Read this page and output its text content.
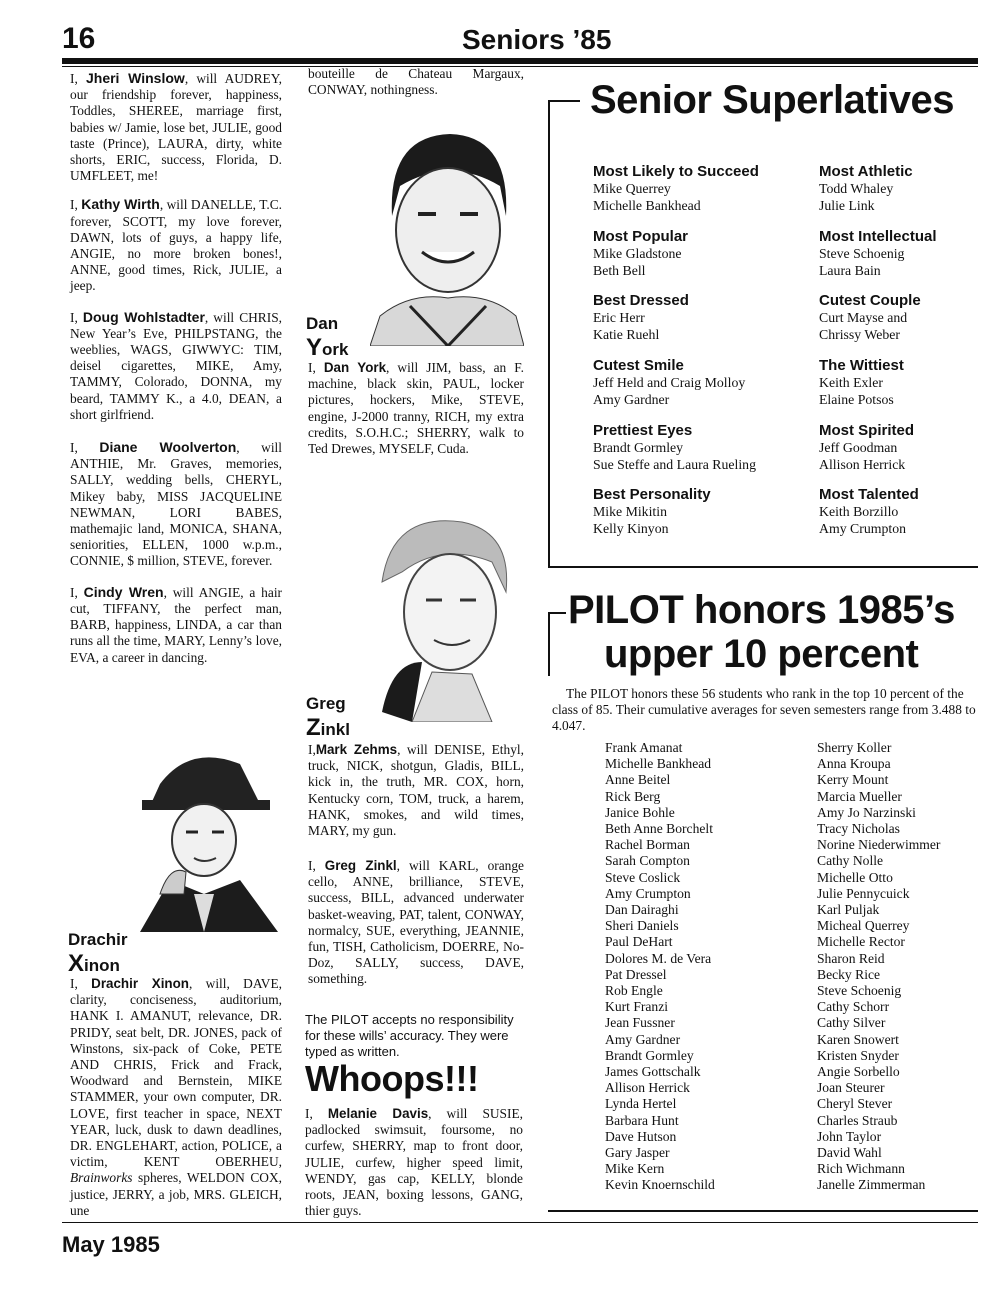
16	Seniors ’85

I, Jheri Winslow, will AUDREY, our friendship forever, happiness, Toddles, SHEREE, marriage first, babies w/ Jamie, lose bet, JULIE, good taste (Prince), LAURA, dirty, white shorts, ERIC, success, Florida, D. UMFLEET, me!

I, Kathy Wirth, will DANELLE, T.C. forever, SCOTT, my love forever, DAWN, lots of guys, a happy life, ANGIE, no more broken bones!, ANNE, good times, Rick, JULIE, a jeep.

I, Doug Wohlstadter, will CHRIS, New Year’s Eve, PHILPSTANG, the weeblies, WAGS, GIWWYC: TIM, deisel cigarettes, MIKE, Amy, TAMMY, Colorado, DONNA, my beard, TAMMY K., a 4.0, DEAN, a short girlfriend.

I, Diane Woolverton, will ANTHIE, Mr. Graves, memories, SALLY, wedding bells, CHERYL, Mikey baby, MISS JACQUELINE NEWMAN, LORI BABES, mathemajic land, MONICA, SHANA, seniorities, ELLEN, 1000 w.p.m., CONNIE, $ million, STEVE, forever.

I, Cindy Wren, will ANGIE, a hair cut, TIFFANY, the perfect man, BARB, happiness, LINDA, a car than runs all the time, MARY, Lenny’s love, EVA, a career in dancing.

Drachir
Xinon

I, Drachir Xinon, will, DAVE, clarity, conciseness, auditorium, HANK I. AMANUT, relevance, DR. PRIDY, seat belt, DR. JONES, pack of Winstons, six-pack of Coke, PETE AND CHRIS, Frick and Frack, Woodward and Bernstein, MIKE STAMMER, your own computer, DR. LOVE, first teacher in space, NEXT YEAR, luck, dusk to dawn deadlines, DR. ENGLEHART, action, POLICE, a victim, KENT OBERHEU, Brainworks spheres, WELDON COX, justice, JERRY, a job, MRS. GLEICH, une

bouteille de Chateau Margaux, CONWAY, nothingness.

Dan
York

I, Dan York, will JIM, bass, an F. machine, black skin, PAUL, locker pictures, hockers, Mike, STEVE, engine, J-2000 tranny, RICH, my extra credits, S.O.H.C.; SHERRY, walk to Ted Drewes, MYSELF, Cuda.

Greg
Zinkl

I,Mark Zehms, will DENISE, Ethyl, truck, NICK, shotgun, Gladis, BILL, kick in, the truth, MR. COX, horn, Kentucky corn, TOM, truck, a harem, HANK, smokes, and wild times, MARY, my gun.

I, Greg Zinkl, will KARL, orange cello, ANNE, brilliance, STEVE, success, BILL, advanced underwater basket-weaving, PAT, talent, CONWAY, normalcy, SUE, everything, JEANNIE, fun, TISH, Catholicism, DOERRE, No-Doz, SALLY, success, DAVE, something.

The PILOT accepts no responsibility for these wills’ accuracy. They were typed as written.
Whoops!!!

I, Melanie Davis, will SUSIE, padlocked swimsuit, foursome, no curfew, SHERRY, map to front door, JULIE, curfew, higher speed limit, WENDY, gas cap, KELLY, blonde roots, JEAN, boxing lessons, GANG, thier guys.

Senior Superlatives
Most Likely to Succeed
Mike Querrey
Michelle Bankhead
Most Athletic
Todd Whaley
Julie Link
Most Popular
Mike Gladstone
Beth Bell
Most Intellectual
Steve Schoenig
Laura Bain
Best Dressed
Eric Herr
Katie Ruehl
Cutest Couple
Curt Mayse and
Chrissy Weber
Cutest Smile
Jeff Held and Craig Molloy
Amy Gardner
The Wittiest
Keith Exler
Elaine Potsos
Prettiest Eyes
Brandt Gormley
Sue Steffe and Laura Rueling
Most Spirited
Jeff Goodman
Allison Herrick
Best Personality
Mike Mikitin
Kelly Kinyon
Most Talented
Keith Borzillo
Amy Crumpton
PILOT honors 1985’s
upper 10 percent
The PILOT honors these 56 students who rank in the top 10 percent of the class of 85. Their cumulative averages for seven semesters range from 3.488 to 4.047.
Frank Amanat
Michelle Bankhead
Anne Beitel
Rick Berg
Janice Bohle
Beth Anne Borchelt
Rachel Borman
Sarah Compton
Steve Coslick
Amy Crumpton
Dan Dairaghi
Sheri Daniels
Paul DeHart
Dolores M. de Vera
Pat Dressel
Rob Engle
Kurt Franzi
Jean Fussner
Amy Gardner
Brandt Gormley
James Gottschalk
Allison Herrick
Lynda Hertel
Barbara Hunt
Dave Hutson
Gary Jasper
Mike Kern
Kevin Knoernschild
Sherry Koller
Anna Kroupa
Kerry Mount
Marcia Mueller
Amy Jo Narzinski
Tracy Nicholas
Norine Niederwimmer
Cathy Nolle
Michelle Otto
Julie Pennycuick
Karl Puljak
Micheal Querrey
Michelle Rector
Sharon Reid
Becky Rice
Steve Schoenig
Cathy Schorr
Cathy Silver
Karen Snowert
Kristen Snyder
Angie Sorbello
Joan Steurer
Cheryl Stever
Charles Straub
John Taylor
David Wahl
Rich Wichmann
Janelle Zimmerman
May 1985
